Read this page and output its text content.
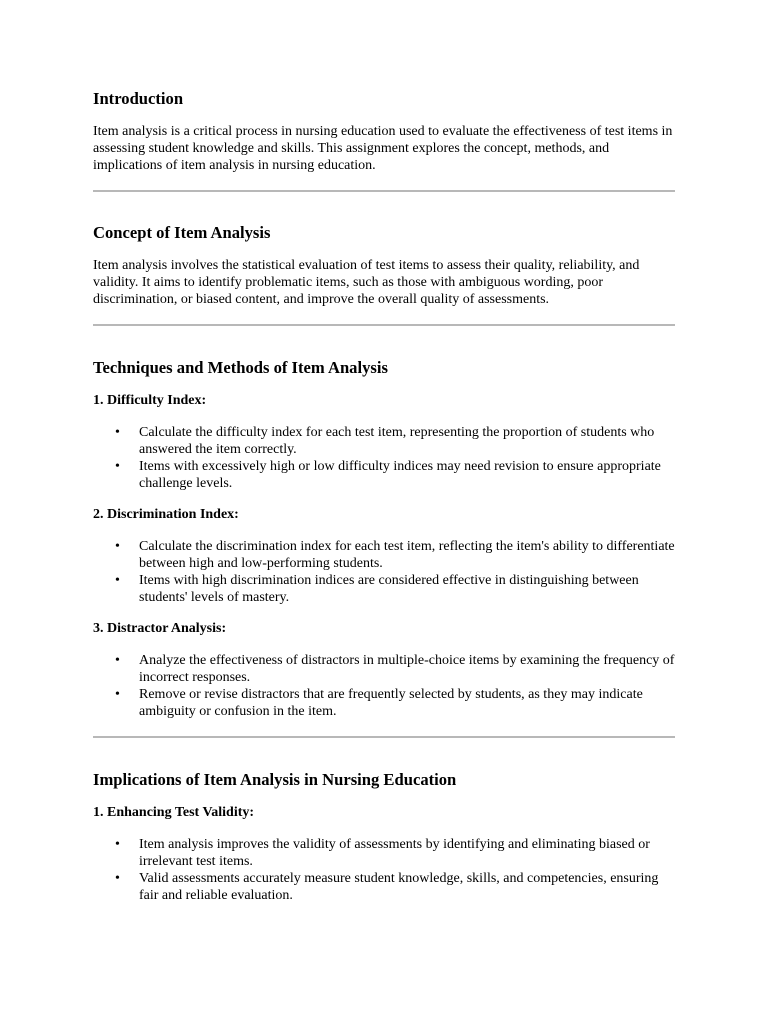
Introduction

Item analysis is a critical process in nursing education used to evaluate the effectiveness of test items in assessing student knowledge and skills. This assignment explores the concept, methods, and implications of item analysis in nursing education.

Concept of Item Analysis

Item analysis involves the statistical evaluation of test items to assess their quality, reliability, and validity. It aims to identify problematic items, such as those with ambiguous wording, poor discrimination, or biased content, and improve the overall quality of assessments.

Techniques and Methods of Item Analysis
1. Difficulty Index:
• Calculate the difficulty index for each test item, representing the proportion of students who answered the item correctly.
• Items with excessively high or low difficulty indices may need revision to ensure appropriate challenge levels.
2. Discrimination Index:
• Calculate the discrimination index for each test item, reflecting the item's ability to differentiate between high and low-performing students.
• Items with high discrimination indices are considered effective in distinguishing between students' levels of mastery.
3. Distractor Analysis:
• Analyze the effectiveness of distractors in multiple-choice items by examining the frequency of incorrect responses.
• Remove or revise distractors that are frequently selected by students, as they may indicate ambiguity or confusion in the item.
Implications of Item Analysis in Nursing Education
1. Enhancing Test Validity:
• Item analysis improves the validity of assessments by identifying and eliminating biased or irrelevant test items.
• Valid assessments accurately measure student knowledge, skills, and competencies, ensuring fair and reliable evaluation.
